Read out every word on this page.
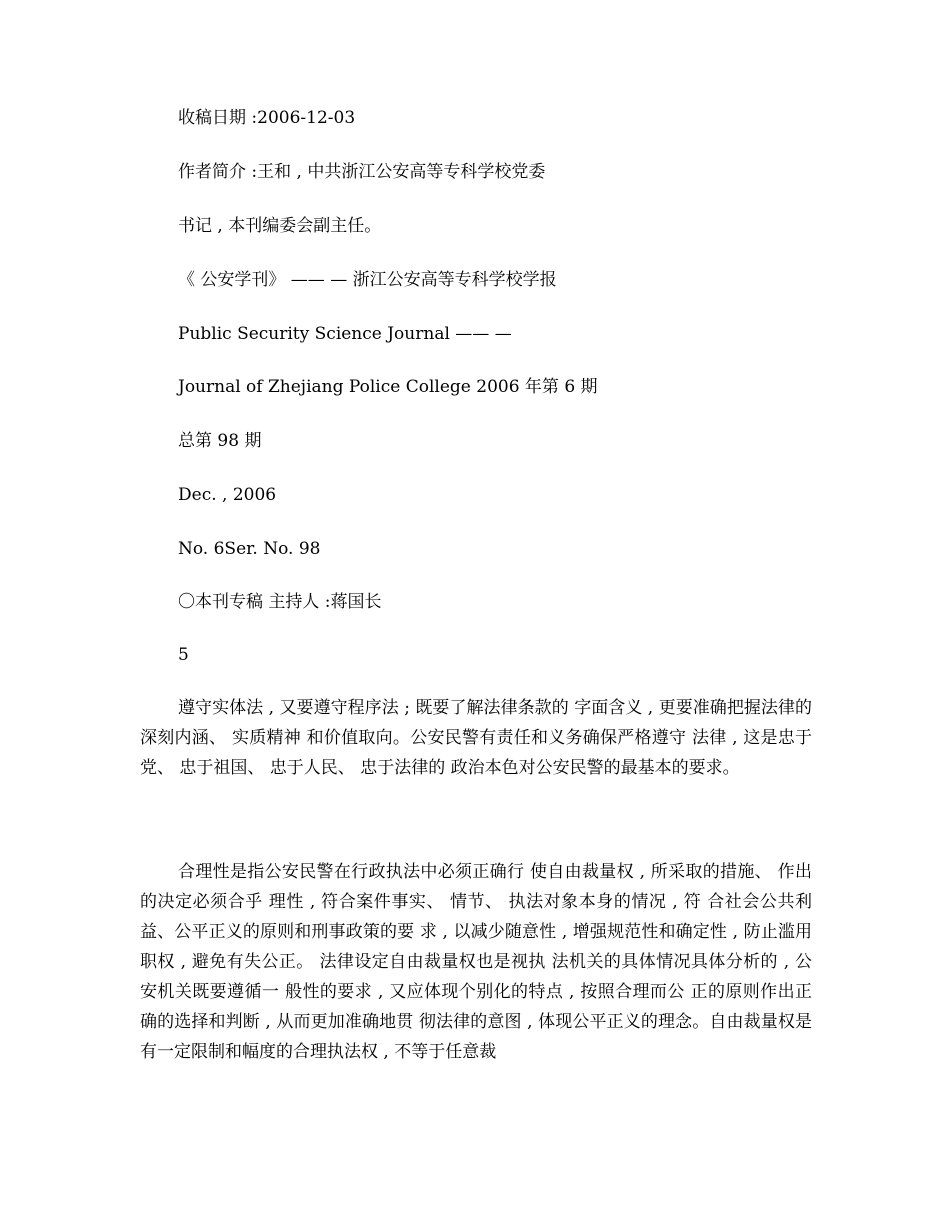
收稿日期 :2006-12-03
作者简介 :王和 , 中共浙江公安高等专科学校党委
书记 , 本刊编委会副主任。
《 公安学刊》 —— — 浙江公安高等专科学校学报
Public Security Science Journal —— —
Journal of Zhejiang Police College 2006 年第 6 期
总第 98 期
Dec. , 2006
No. 6Ser. No. 98
〇本刊专稿 主持人 :蒋国长
5
遵守实体法 , 又要遵守程序法 ; 既要了解法律条款的 字面含义 , 更要准确把握法律的深刻内涵、 实质精神 和价值取向。公安民警有责任和义务确保严格遵守 法律 , 这是忠于党、 忠于祖国、 忠于人民、 忠于法律的 政治本色对公安民警的最基本的要求。
合理性是指公安民警在行政执法中必须正确行 使自由裁量权 , 所采取的措施、 作出的决定必须合乎 理性 , 符合案件事实、 情节、 执法对象本身的情况 , 符 合社会公共利益、公平正义的原则和刑事政策的要 求 , 以减少随意性 , 增强规范性和确定性 , 防止滥用 职权 , 避免有失公正。 法律设定自由裁量权也是视执 法机关的具体情况具体分析的 , 公安机关既要遵循一 般性的要求 , 又应体现个别化的特点 , 按照合理而公 正的原则作出正确的选择和判断 , 从而更加准确地贯 彻法律的意图 , 体现公平正义的理念。自由裁量权是 有一定限制和幅度的合理执法权 , 不等于任意裁
